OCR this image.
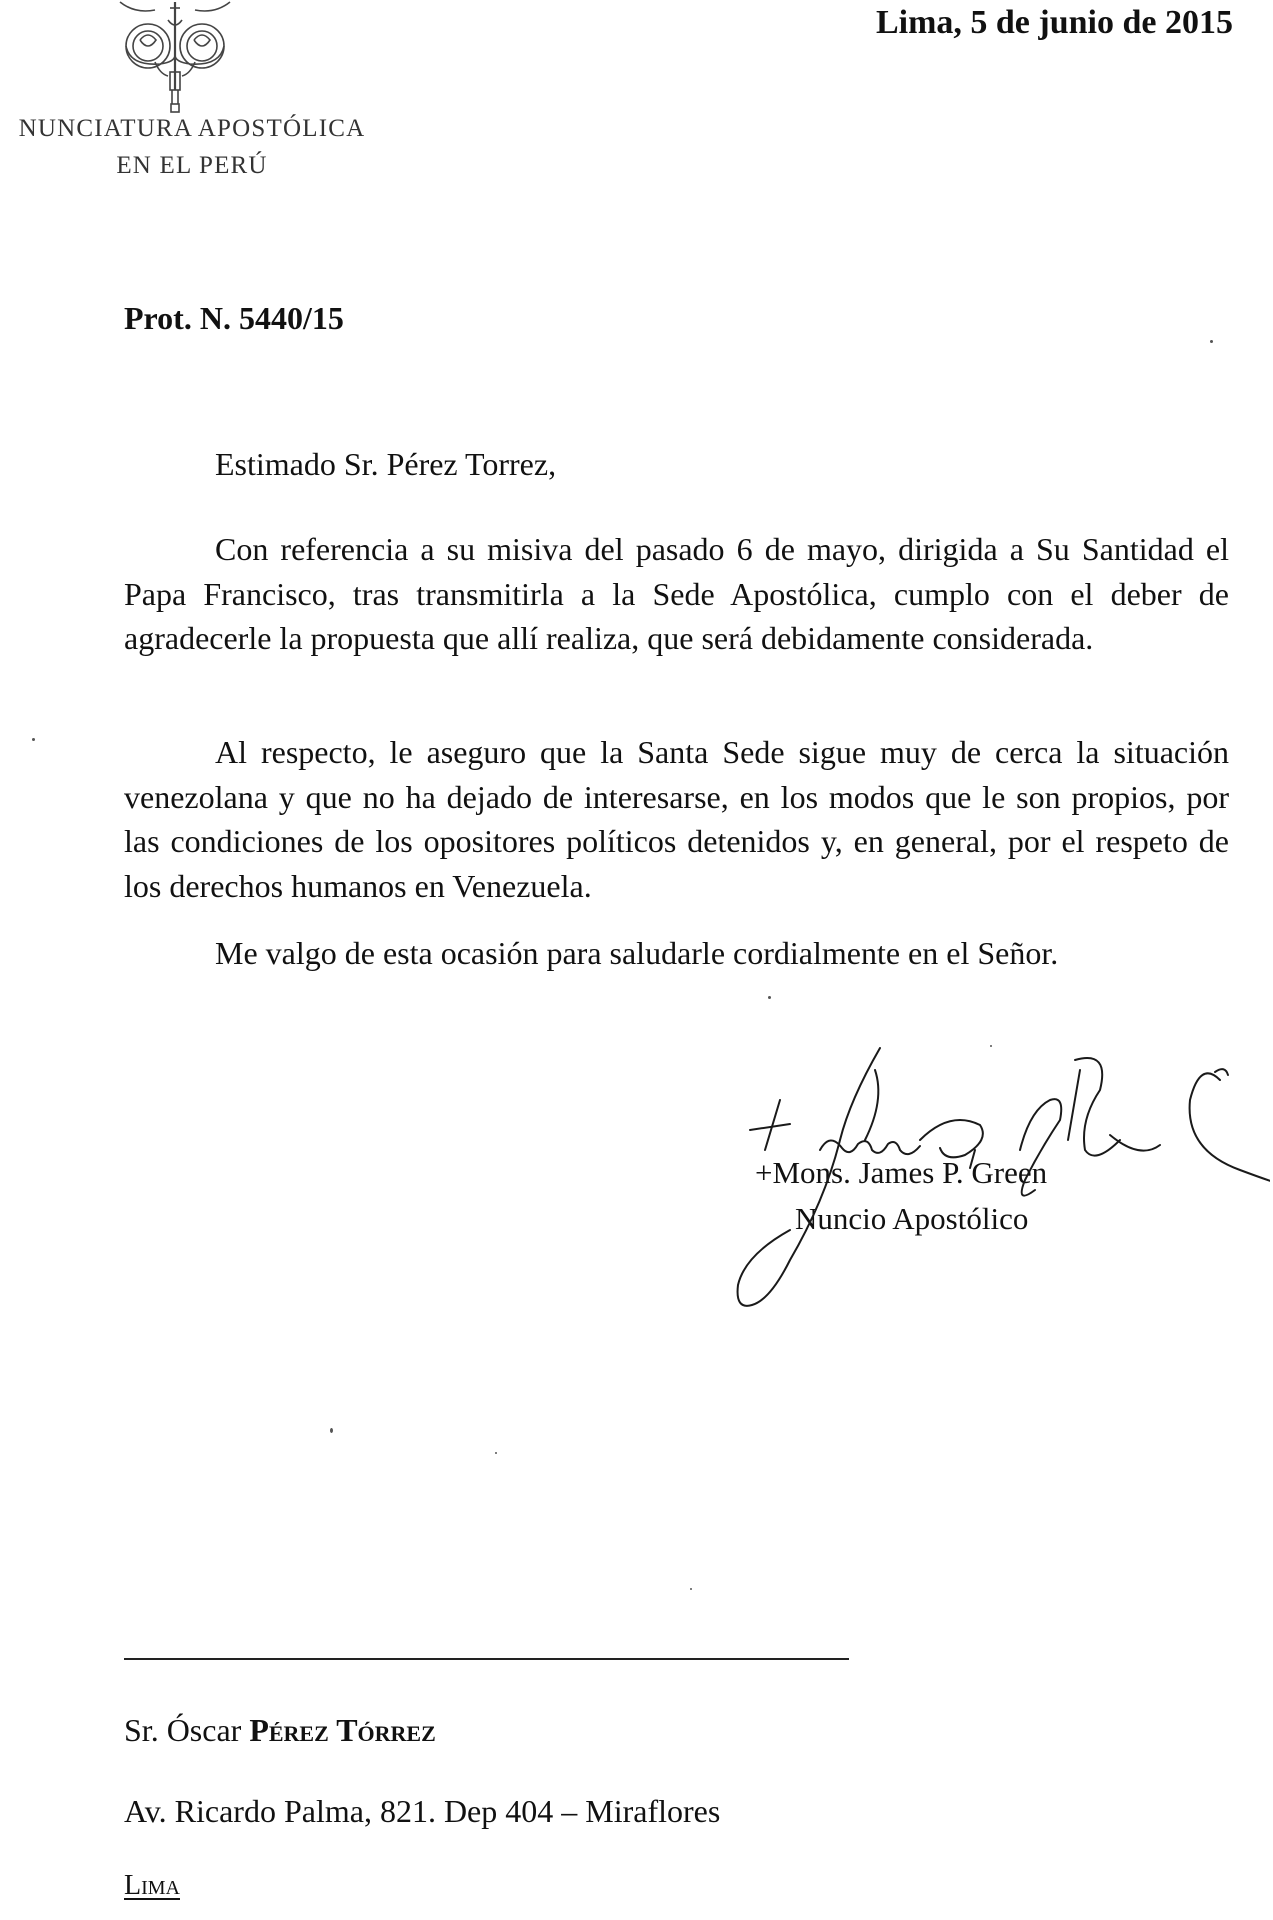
NUNCIATURA APOSTÓLICA
EN EL PERÚ
Lima, 5 de junio de 2015
Prot. N. 5440/15
Estimado Sr. Pérez Torrez,

Con referencia a su misiva del pasado 6 de mayo, dirigida a Su Santidad el Papa Francisco, tras transmitirla a la Sede Apostólica, cumplo con el deber de agradecerle la propuesta que allí realiza, que será debidamente considerada.

Al respecto, le aseguro que la Santa Sede sigue muy de cerca la situación venezolana y que no ha dejado de interesarse, en los modos que le son propios, por las condiciones de los opositores políticos detenidos y, en general, por el respeto de los derechos humanos en Venezuela.

Me valgo de esta ocasión para saludarle cordialmente en el Señor.
+Mons. James P. Green
Nuncio Apostólico
Sr. Óscar Pérez Tórrez
Av. Ricardo Palma, 821. Dep 404 – Miraflores
Lima
